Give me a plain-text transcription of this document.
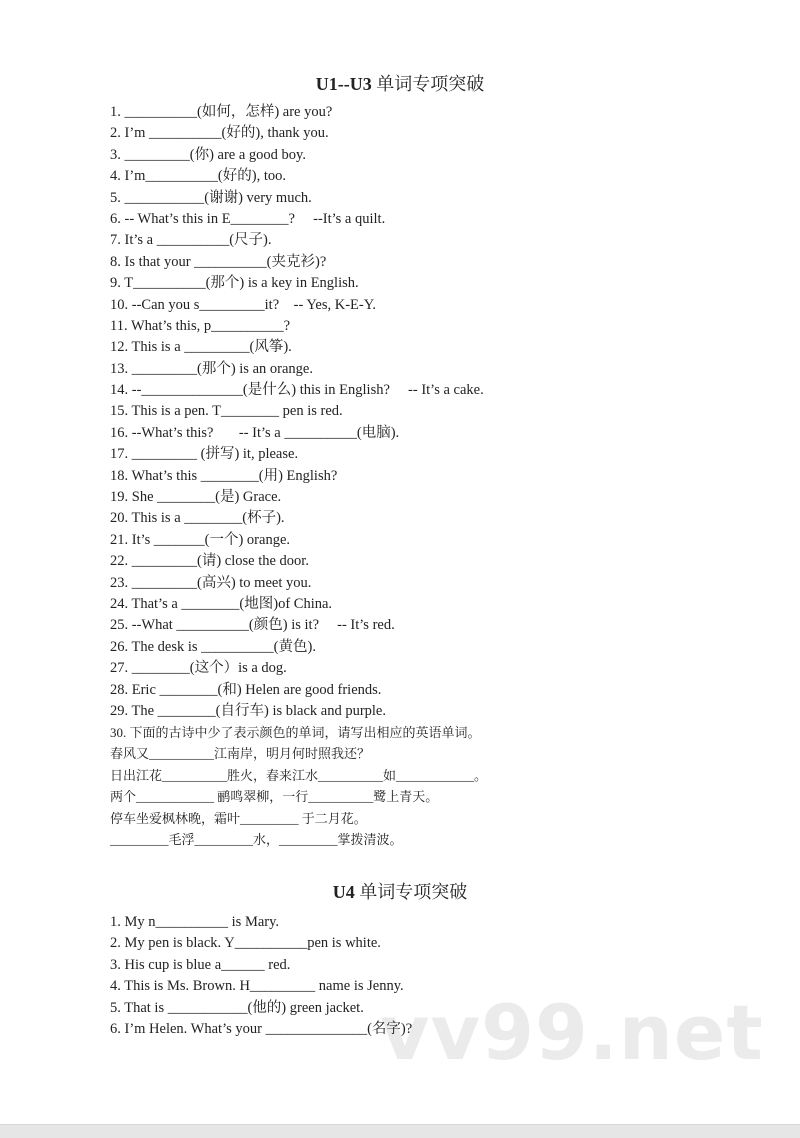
vv99.net
U1--U3 单词专项突破
1. __________(如何，怎样) are you?
2. I’m __________(好的), thank you.
3. _________(你) are a good boy.
4. I’m__________(好的), too.
5. ___________(谢谢) very much.
6. -- What’s this in E________?     --It’s a quilt.
7. It’s a __________(尺子).
8. Is that your __________(夹克衫)?
9. T__________(那个) is a key in English.
10. --Can you s_________it?    -- Yes, K-E-Y.
11. What’s this, p__________?
12. This is a _________(风筝).
13. _________(那个) is an orange.
14. --______________(是什么) this in English?     -- It’s a cake.
15. This is a pen. T________ pen is red.
16. --What’s this?       -- It’s a __________(电脑).
17. _________ (拼写) it, please.
18. What’s this ________(用) English?
19. She ________(是) Grace.
20. This is a ________(杯子).
21. It’s _______(一个) orange.
22. _________(请) close the door.
23. _________(高兴) to meet you.
24. That’s a ________(地图)of China.
25. --What __________(颜色) is it?     -- It’s red.
26. The desk is __________(黄色).
27. ________(这个）is a dog.
28. Eric ________(和) Helen are good friends.
29. The ________(自行车) is black and purple.
30. 下面的古诗中少了表示颜色的单词，请写出相应的英语单词。
春风又__________江南岸，明月何时照我还？
日出江花__________胜火，春来江水__________如____________。
两个____________ 鹂鸣翠柳，一行__________鹭上青天。
停车坐爱枫林晚，霜叶_________ 于二月花。
_________毛浮_________水，_________掌拨清波。
U4 单词专项突破
1. My n__________ is Mary.
2. My pen is black. Y__________pen is white.
3. His cup is blue a______ red.
4. This is Ms. Brown. H_________ name is Jenny.
5. That is ___________(他的) green jacket.
6. I’m Helen. What’s your ______________(名字)?
